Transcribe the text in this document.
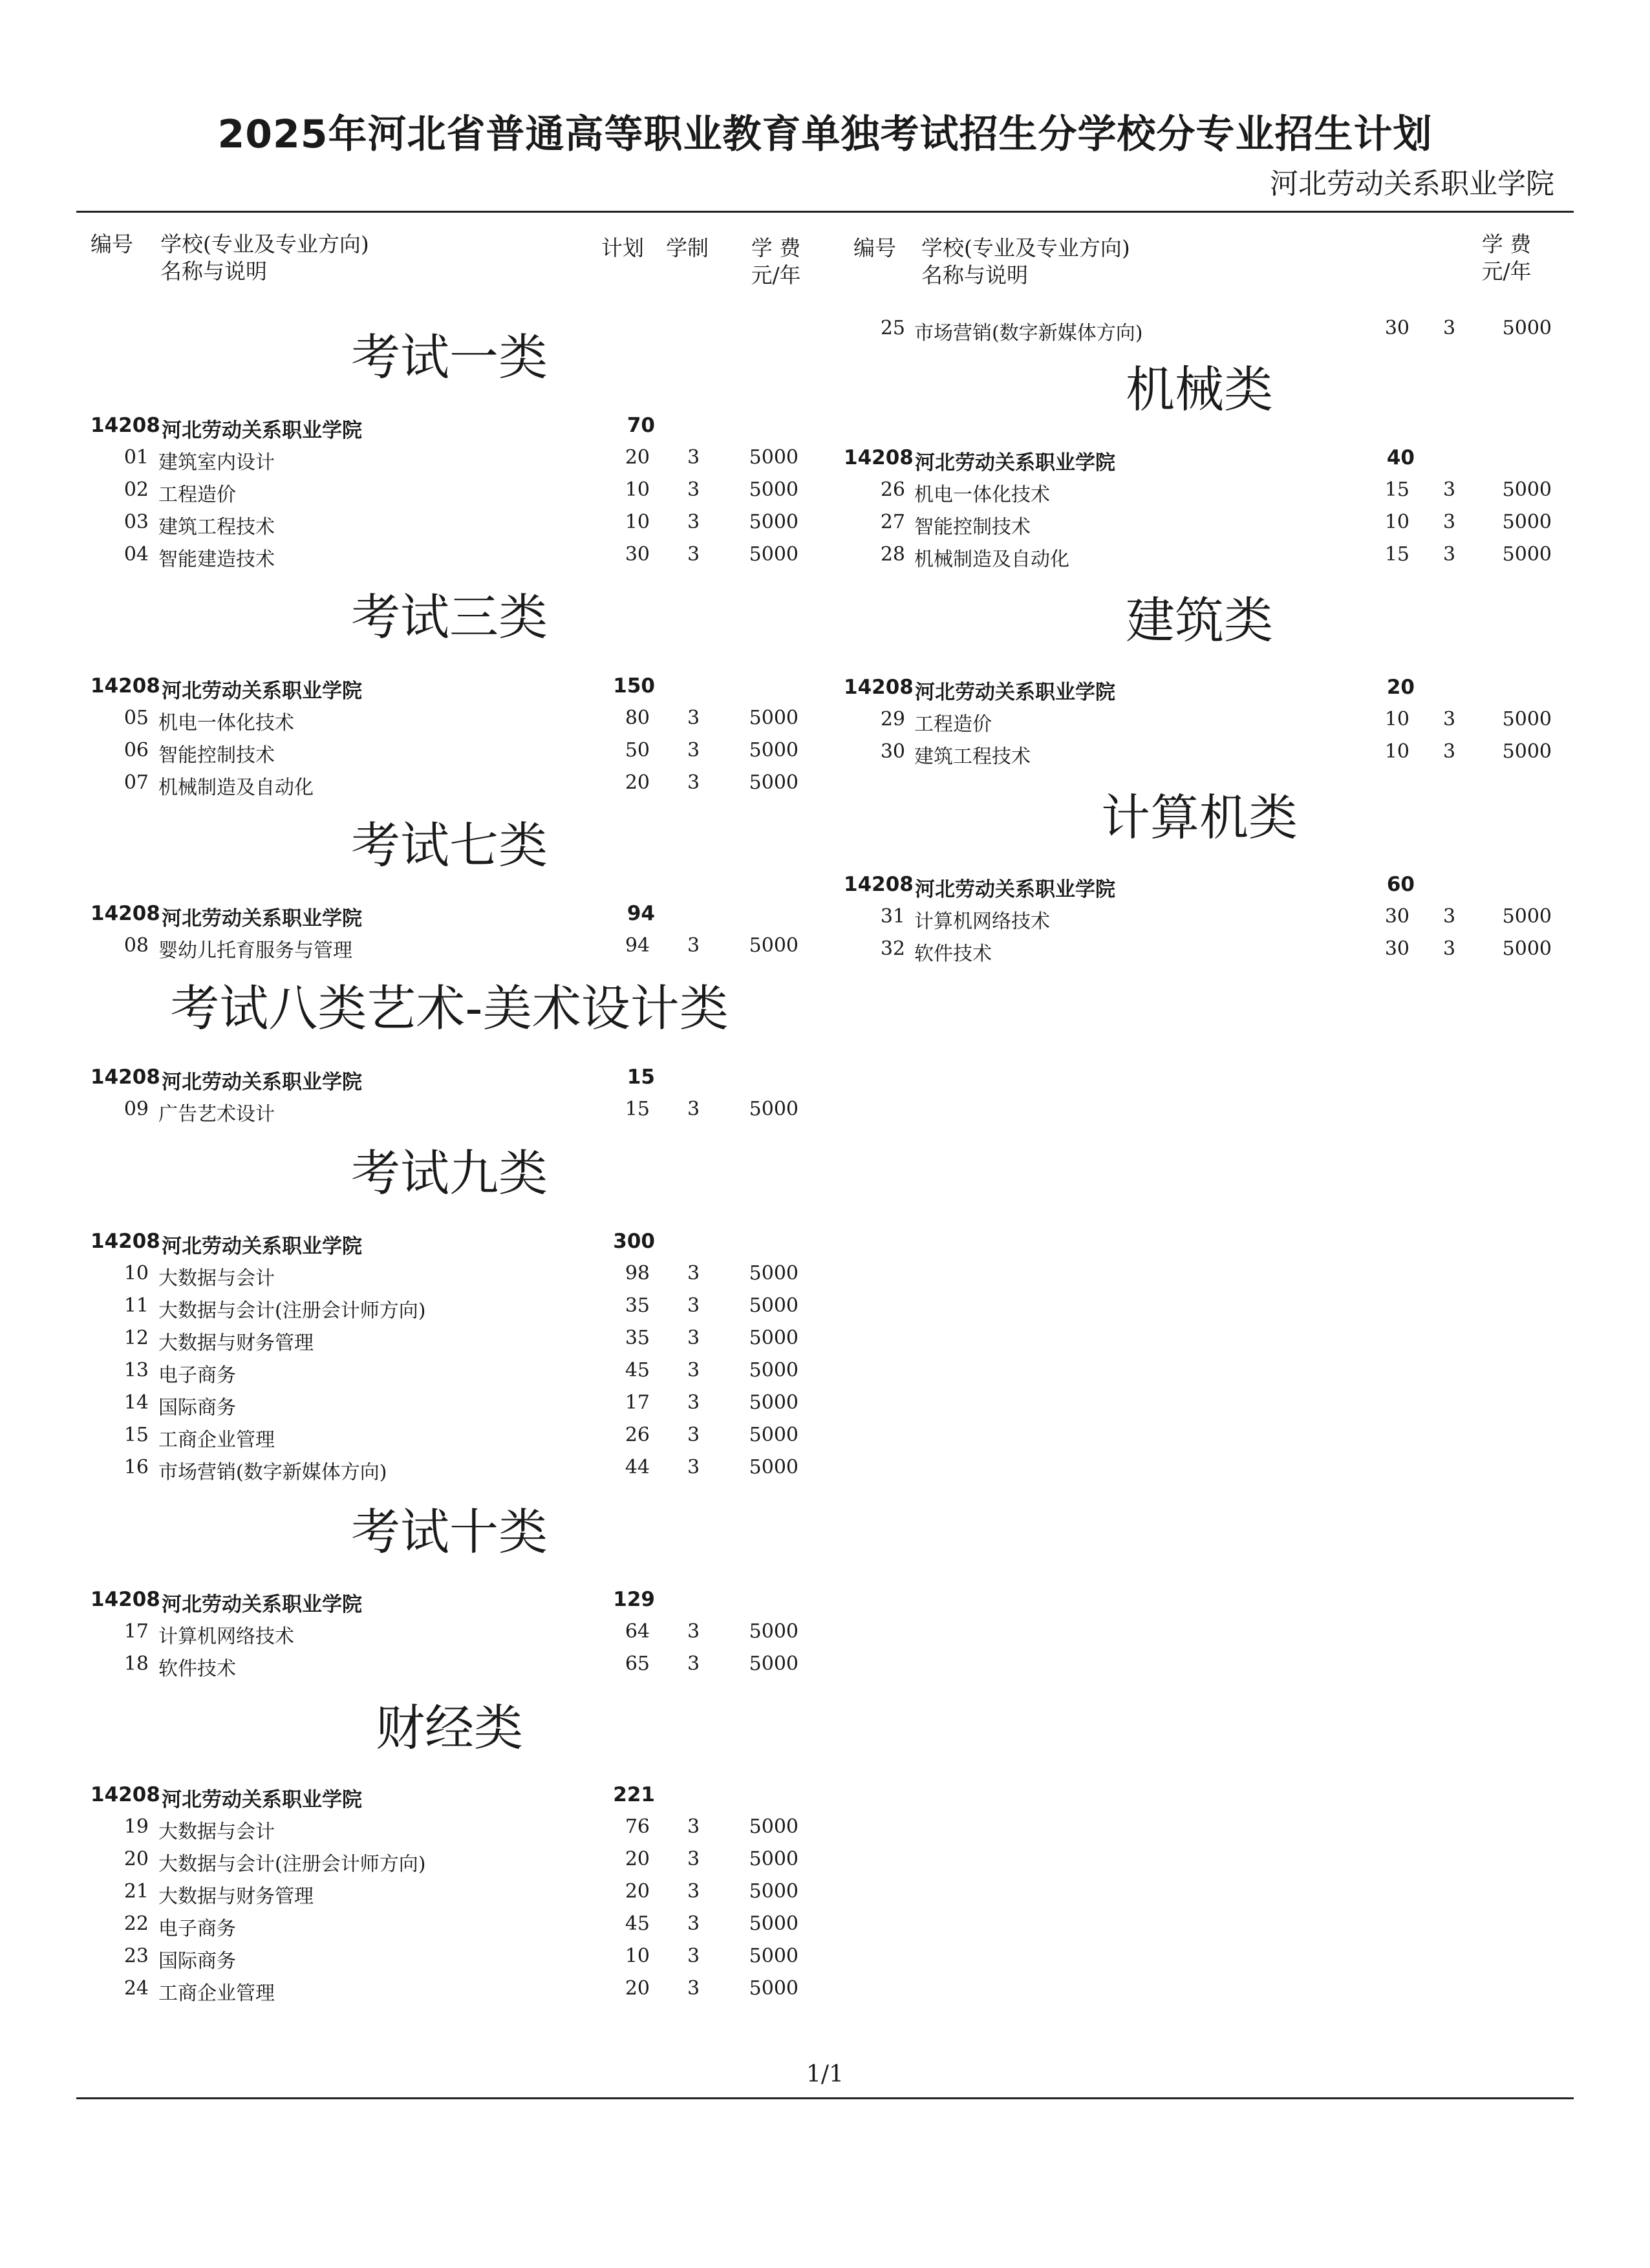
2025年河北省普通高等职业教育单独考试招生分学校分专业招生计划
河北劳动关系职业学院
编号 学校(专业及专业方向)
名称与说明
计划 学制	学 费
元/年
编号 学校(专业及专业方向)
名称与说明
学 费
元/年
考试一类
14208 河北劳动关系职业学院	70
01 建筑室内设计	20 3	5000
02 工程造价	10 3	5000
03 建筑工程技术	10 3	5000
04 智能建造技术	30 3	5000
考试三类
14208 河北劳动关系职业学院	150
05 机电一体化技术	80 3	5000
06 智能控制技术	50 3	5000
07 机械制造及自动化	20 3	5000
考试七类
14208 河北劳动关系职业学院	94
08 婴幼儿托育服务与管理	94 3	5000
考试八类艺术-美术设计类
14208 河北劳动关系职业学院	15
09 广告艺术设计	15 3	5000
考试九类
14208 河北劳动关系职业学院	300
10 大数据与会计	98 3	5000
11 大数据与会计(注册会计师方向)	35 3	5000
12 大数据与财务管理	35 3	5000
13 电子商务	45 3	5000
14 国际商务	17 3	5000
15 工商企业管理	26 3	5000
16 市场营销(数字新媒体方向)	44 3	5000
考试十类
14208 河北劳动关系职业学院	129
17 计算机网络技术	64 3	5000
18 软件技术	65 3	5000
财经类
14208 河北劳动关系职业学院	221
19 大数据与会计	76 3	5000
20 大数据与会计(注册会计师方向)	20 3	5000
21 大数据与财务管理	20 3	5000
22 电子商务	45 3	5000
23 国际商务	10 3	5000
24 工商企业管理	20 3	5000
25 市场营销(数字新媒体方向)	30 3 5000
机械类
14208 河北劳动关系职业学院	40
26 机电一体化技术	15 3 5000
27 智能控制技术	10 3 5000
28 机械制造及自动化	15 3 5000
建筑类
14208 河北劳动关系职业学院	20
29 工程造价	10 3 5000
30 建筑工程技术	10 3 5000
计算机类
14208 河北劳动关系职业学院	60
31 计算机网络技术	30 3 5000
32 软件技术	30 3 5000
1/1
